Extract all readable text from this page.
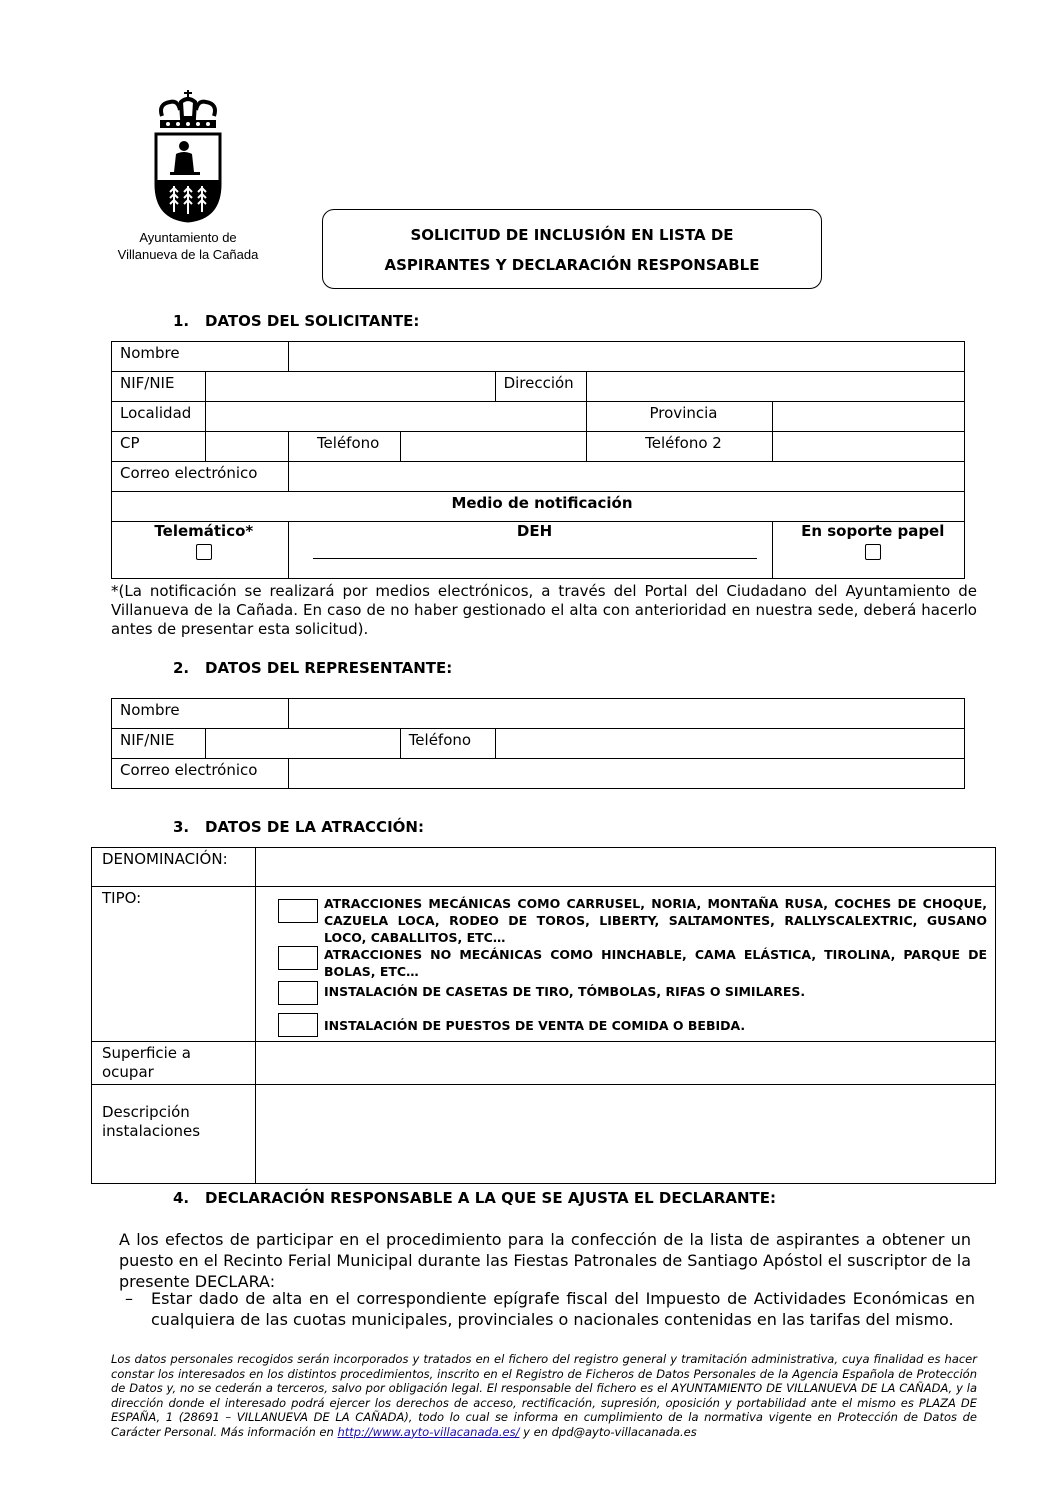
Ayuntamiento de
Villanueva de la Cañada
SOLICITUD DE INCLUSIÓN EN LISTA DE
ASPIRANTES Y DECLARACIÓN RESPONSABLE
1. DATOS DEL SOLICITANTE:
Nombre						
NIF/NIE				Dirección		
Localidad					Provincia	
CP		Teléfono			Teléfono 2	
Correo electrónico						
Medio de notificación						

Telemático*		DEH				En soporte papel
*(La notificación se realizará por medios electrónicos, a través del Portal del Ciudadano del Ayuntamiento de Villanueva de la Cañada. En caso de no haber gestionado el alta con anterioridad en nuestra sede, deberá hacerlo antes de presentar esta solicitud).
2. DATOS DEL REPRESENTANTE:
Nombre				
NIF/NIE			Teléfono	
Correo electrónico				
3. DATOS DE LA ATRACCIÓN:
DENOMINACIÓN:	
TIPO:	ATRACCIONES MECÁNICAS COMO CARRUSEL, NORIA, MONTAÑA RUSA, COCHES DE CHOQUE, CAZUELA LOCA, RODEO DE TOROS, LIBERTY, SALTAMONTES, RALLYSCALEXTRIC, GUSANO LOCO, CABALLITOS, ETC…
ATRACCIONES NO MECÁNICAS COMO HINCHABLE, CAMA ELÁSTICA, TIROLINA, PARQUE DE BOLAS, ETC…
INSTALACIÓN DE CASETAS DE TIRO, TÓMBOLAS, RIFAS O SIMILARES.
INSTALACIÓN DE PUESTOS DE VENTA DE COMIDA O BEBIDA.

Superficie a ocupar	
Descripción instalaciones	
4. DECLARACIÓN RESPONSABLE A LA QUE SE AJUSTA EL DECLARANTE:
A los efectos de participar en el procedimiento para la confección de la lista de aspirantes a obtener un puesto en el Recinto Ferial Municipal durante las Fiestas Patronales de Santiago Apóstol el suscriptor de la presente DECLARA:
– Estar dado de alta en el correspondiente epígrafe fiscal del Impuesto de Actividades Económicas en cualquiera de las cuotas municipales, provinciales o nacionales contenidas en las tarifas del mismo.
Los datos personales recogidos serán incorporados y tratados en el fichero del registro general y tramitación administrativa, cuya finalidad es hacer constar los interesados en los distintos procedimientos, inscrito en el Registro de Ficheros de Datos Personales de la Agencia Española de Protección de Datos y, no se cederán a terceros, salvo por obligación legal. El responsable del fichero es el AYUNTAMIENTO DE VILLANUEVA DE LA CAÑADA, y la dirección donde el interesado podrá ejercer los derechos de acceso, rectificación, supresión, oposición y portabilidad ante el mismo es PLAZA DE ESPAÑA, 1 (28691 – VILLANUEVA DE LA CAÑADA), todo lo cual se informa en cumplimiento de la normativa vigente en Protección de Datos de Carácter Personal. Más información en http://www.ayto-villacanada.es/ y en dpd@ayto-villacanada.es
